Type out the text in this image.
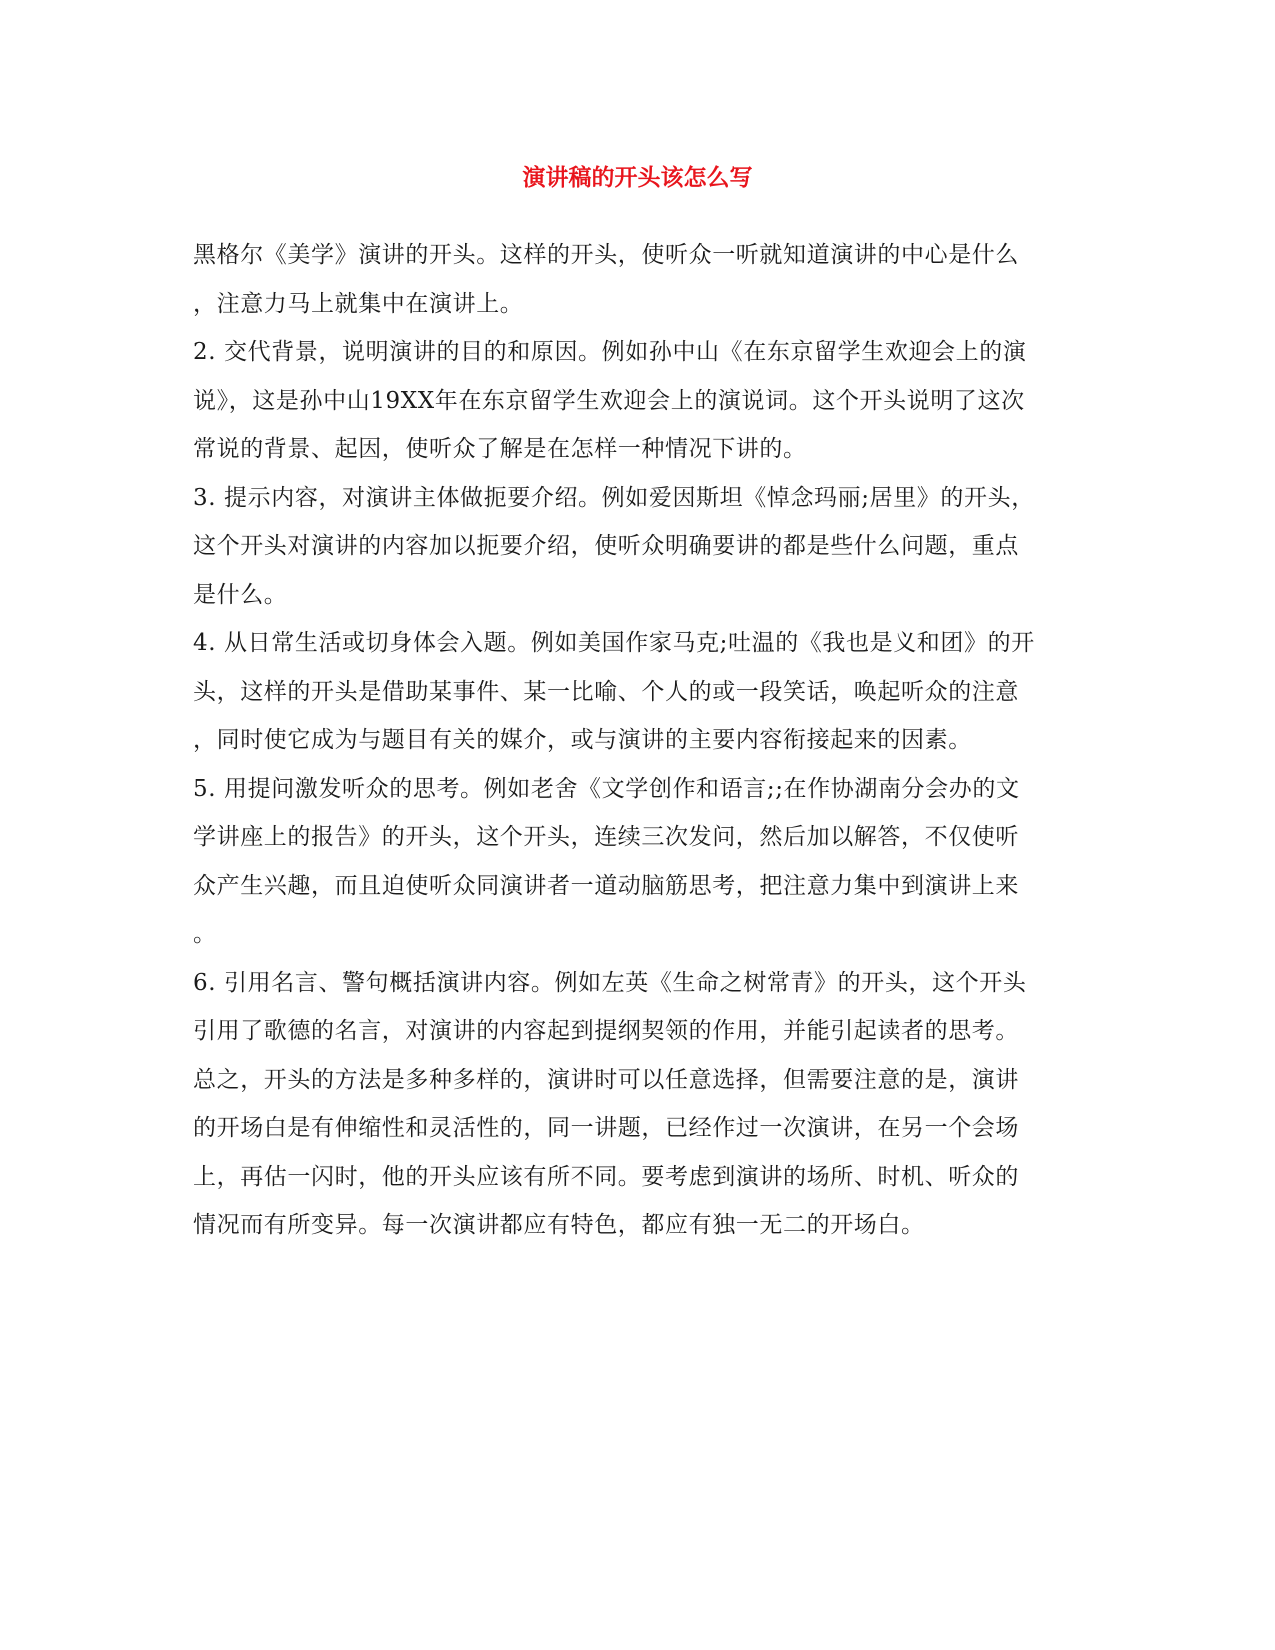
演讲稿的开头该怎么写
黑格尔《美学》演讲的开头。这样的开头，使听众一听就知道演讲的中心是什么
，注意力马上就集中在演讲上。
2. 交代背景，说明演讲的目的和原因。例如孙中山《在东京留学生欢迎会上的演
说》，这是孙中山19XX年在东京留学生欢迎会上的演说词。这个开头说明了这次
常说的背景、起因，使听众了解是在怎样一种情况下讲的。
3. 提示内容，对演讲主体做扼要介绍。例如爱因斯坦《悼念玛丽;居里》的开头，
这个开头对演讲的内容加以扼要介绍，使听众明确要讲的都是些什么问题，重点
是什么。
4. 从日常生活或切身体会入题。例如美国作家马克;吐温的《我也是义和团》的开
头，这样的开头是借助某事件、某一比喻、个人的或一段笑话，唤起听众的注意
，同时使它成为与题目有关的媒介，或与演讲的主要内容衔接起来的因素。
5. 用提问激发听众的思考。例如老舍《文学创作和语言;;在作协湖南分会办的文
学讲座上的报告》的开头，这个开头，连续三次发问，然后加以解答，不仅使听
众产生兴趣，而且迫使听众同演讲者一道动脑筋思考，把注意力集中到演讲上来
。
6. 引用名言、警句概括演讲内容。例如左英《生命之树常青》的开头，这个开头
引用了歌德的名言，对演讲的内容起到提纲契领的作用，并能引起读者的思考。
总之，开头的方法是多种多样的，演讲时可以任意选择，但需要注意的是，演讲
的开场白是有伸缩性和灵活性的，同一讲题，已经作过一次演讲，在另一个会场
上，再估一闪时，他的开头应该有所不同。要考虑到演讲的场所、时机、听众的
情况而有所变异。每一次演讲都应有特色，都应有独一无二的开场白。
